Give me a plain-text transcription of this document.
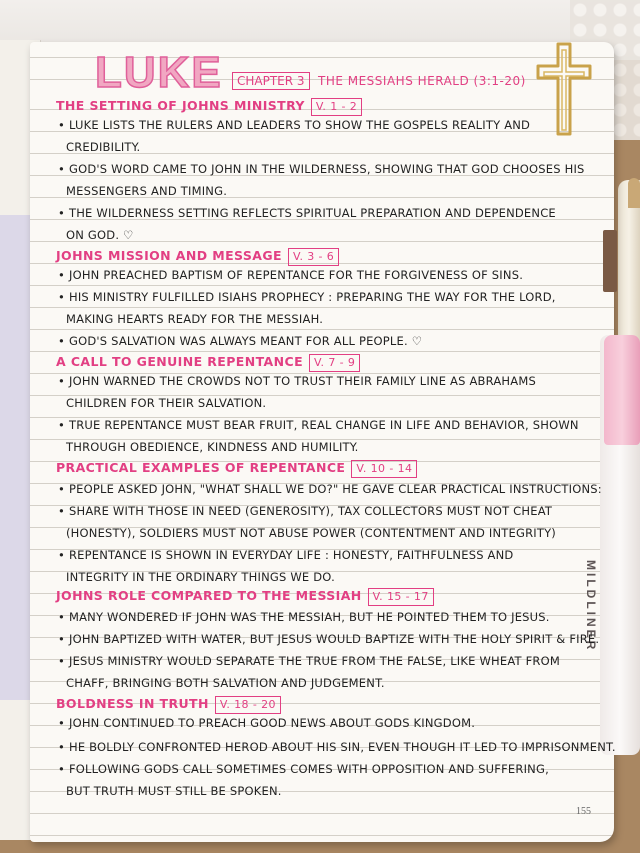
MILDLINER
LUKE	CHAPTER 3	THE MESSIAHS HERALD (3:1-20)
THE SETTING OF JOHNS MINISTRY V. 1 - 2
• LUKE LISTS THE RULERS AND LEADERS TO SHOW THE GOSPELS REALITY AND
CREDIBILITY.
• GOD'S WORD CAME TO JOHN IN THE WILDERNESS, SHOWING THAT GOD CHOOSES HIS
MESSENGERS AND TIMING.
• THE WILDERNESS SETTING REFLECTS SPIRITUAL PREPARATION AND DEPENDENCE
ON GOD. ♡
JOHNS MISSION AND MESSAGE V. 3 - 6
• JOHN PREACHED BAPTISM OF REPENTANCE FOR THE FORGIVENESS OF SINS.
• HIS MINISTRY FULFILLED ISIAHS PROPHECY : PREPARING THE WAY FOR THE LORD,
MAKING HEARTS READY FOR THE MESSIAH.
• GOD'S SALVATION WAS ALWAYS MEANT FOR ALL PEOPLE. ♡
A CALL TO GENUINE REPENTANCE V. 7 - 9
• JOHN WARNED THE CROWDS NOT TO TRUST THEIR FAMILY LINE AS ABRAHAMS
CHILDREN FOR THEIR SALVATION.
• TRUE REPENTANCE MUST BEAR FRUIT, REAL CHANGE IN LIFE AND BEHAVIOR, SHOWN
THROUGH OBEDIENCE, KINDNESS AND HUMILITY.
PRACTICAL EXAMPLES OF REPENTANCE V. 10 - 14
• PEOPLE ASKED JOHN, "WHAT SHALL WE DO?" HE GAVE CLEAR PRACTICAL INSTRUCTIONS:
• SHARE WITH THOSE IN NEED (GENEROSITY), TAX COLLECTORS MUST NOT CHEAT
(HONESTY), SOLDIERS MUST NOT ABUSE POWER (CONTENTMENT AND INTEGRITY)
• REPENTANCE IS SHOWN IN EVERYDAY LIFE : HONESTY, FAITHFULNESS AND
INTEGRITY IN THE ORDINARY THINGS WE DO.
JOHNS ROLE COMPARED TO THE MESSIAH V. 15 - 17
• MANY WONDERED IF JOHN WAS THE MESSIAH, BUT HE POINTED THEM TO JESUS.
• JOHN BAPTIZED WITH WATER, BUT JESUS WOULD BAPTIZE WITH THE HOLY SPIRIT & FIRE.
• JESUS MINISTRY WOULD SEPARATE THE TRUE FROM THE FALSE, LIKE WHEAT FROM
CHAFF, BRINGING BOTH SALVATION AND JUDGEMENT.
BOLDNESS IN TRUTH V. 18 - 20
• JOHN CONTINUED TO PREACH GOOD NEWS ABOUT GODS KINGDOM.
• HE BOLDLY CONFRONTED HEROD ABOUT HIS SIN, EVEN THOUGH IT LED TO IMPRISONMENT.
• FOLLOWING GODS CALL SOMETIMES COMES WITH OPPOSITION AND SUFFERING,
BUT TRUTH MUST STILL BE SPOKEN.
155
